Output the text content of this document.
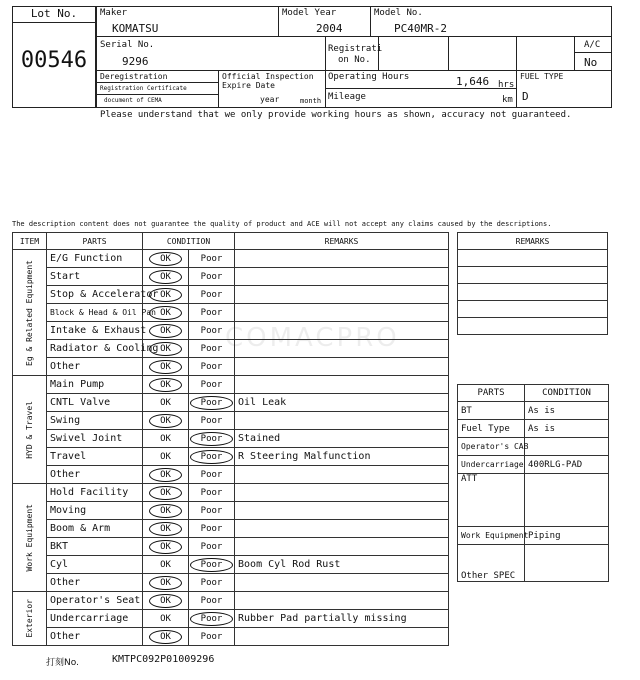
Lot No.
00546
Maker
KOMATSU
Model Year
2004
Model No.
PC40MR-2
Serial No.
9296
Registrati
on No.
A/C
No
Deregistration
Registration Certificate
document of CEMA
Official Inspection
Expire Date
year	month
Operating Hours	1,646 hrs
Mileage	km
FUEL TYPE
D
Please understand that we only provide working hours as shown, accuracy not guaranteed.
The description content does not guarantee the quality of product and ACE will not accept any claims caused by the descriptions.
COMACPRO
ITEM	PARTS	CONDITION		REMARKS

Eg & Related Equipment	E/G Function	OK	Poor	
	Start	OK	Poor	
	Stop & Accelerator	OK	Poor	
	Block & Head & Oil Pan	OK	Poor	
	Intake & Exhaust	OK	Poor	
	Radiator & Cooling	OK	Poor	
	Other	OK	Poor	

HYD & Travel	Main Pump	OK	Poor	
	CNTL Valve	OK	Poor	Oil Leak
	Swing	OK	Poor	
	Swivel Joint	OK	Poor	Stained
	Travel	OK	Poor	R Steering Malfunction
	Other	OK	Poor	

Work Equipment	Hold Facility	OK	Poor	
	Moving	OK	Poor	
	Boom & Arm	OK	Poor	
	BKT	OK	Poor	
	Cyl	OK	Poor	Boom Cyl Rod Rust
	Other	OK	Poor	

Exterior	Operator's Seat	OK	Poor	
	Undercarriage	OK	Poor	Rubber Pad partially missing
	Other	OK	Poor	
REMARKS

PARTS	CONDITION
BT	As is
Fuel Type	As is
Operator's CAB	
Undercarriage	400RLG-PAD
ATT	
Work Equipment	Piping
Other SPEC	
打刻No.	KMTPC092P01009296
